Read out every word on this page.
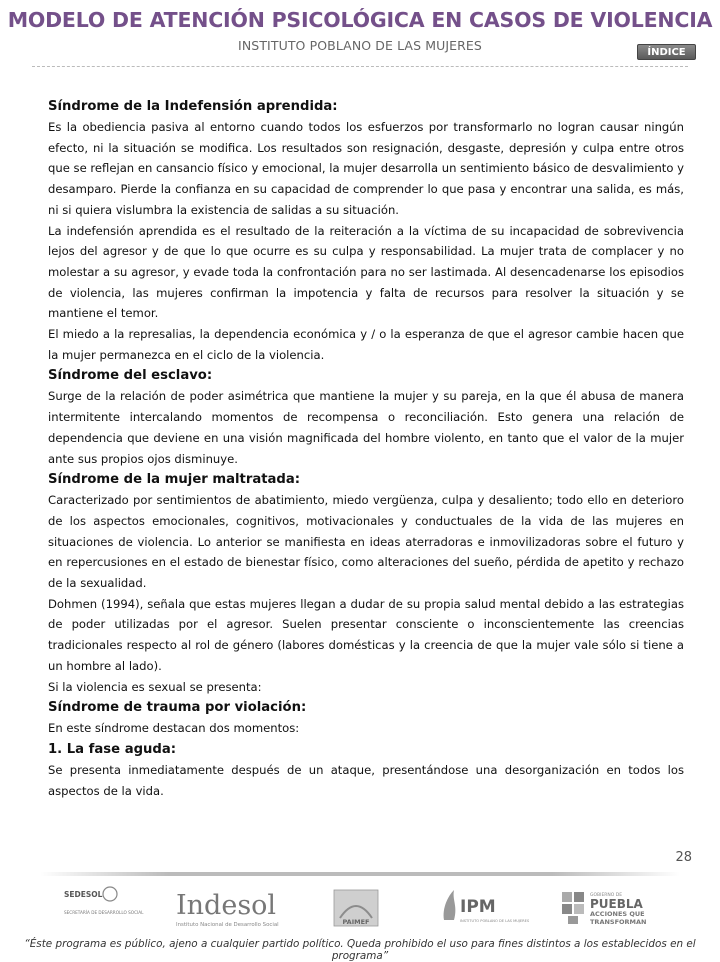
MODELO DE ATENCIÓN PSICOLÓGICA EN CASOS DE VIOLENCIA
INSTITUTO POBLANO DE LAS MUJERES	ÍNDICE
Síndrome de la Indefensión aprendida:

Es la obediencia pasiva al entorno cuando todos los esfuerzos por transformarlo no logran causar ningún efecto, ni la situación se modifica. Los resultados son resignación, desgaste, depresión y culpa entre otros que se reflejan en cansancio físico y emocional, la mujer desarrolla un sentimiento básico de desvalimiento y desamparo. Pierde la confianza en su capacidad de comprender lo que pasa y encontrar una salida, es más, ni si quiera vislumbra la existencia de salidas a su situación.

La indefensión aprendida es el resultado de la reiteración a la víctima de su incapacidad de sobrevivencia lejos del agresor y de que lo que ocurre es su culpa y responsabilidad. La mujer trata de complacer y no molestar a su agresor, y evade toda la confrontación para no ser lastimada. Al desencadenarse los episodios de violencia, las mujeres confirman la impotencia y falta de recursos para resolver la situación y se mantiene el temor.

El miedo a la represalias, la dependencia económica y / o la esperanza de que el agresor cambie hacen que la mujer permanezca en el ciclo de la violencia.

Síndrome del esclavo:

Surge de la relación de poder asimétrica que mantiene la mujer y su pareja, en la que él abusa de manera intermitente intercalando momentos de recompensa o reconciliación. Esto genera una relación de dependencia que deviene en una visión magnificada del hombre violento, en tanto que el valor de la mujer ante sus propios ojos disminuye.

Síndrome de la mujer maltratada:

Caracterizado por sentimientos de abatimiento, miedo vergüenza, culpa y desaliento; todo ello en deterioro de los aspectos emocionales, cognitivos, motivacionales y conductuales de la vida de las mujeres en situaciones de violencia. Lo anterior se manifiesta en ideas aterradoras e inmovilizadoras sobre el futuro y en repercusiones en el estado de bienestar físico, como alteraciones del sueño, pérdida de apetito y rechazo de la sexualidad.

Dohmen (1994), señala que estas mujeres llegan a dudar de su propia salud mental debido a las estrategias de poder utilizadas por el agresor. Suelen presentar consciente o inconscientemente las creencias tradicionales respecto al rol de género (labores domésticas y la creencia de que la mujer vale sólo si tiene a un hombre al lado).

Si la violencia es sexual se presenta:

Síndrome de trauma por violación:

En este síndrome destacan dos momentos:

1. La fase aguda:

Se presenta inmediatamente después de un ataque, presentándose una desorganización en todos los aspectos de la vida.

28
SEDESOL
SECRETARÍA DE DESARROLLO SOCIAL Indesol
Instituto Nacional de Desarrollo Social	PAIMEF
IPM
INSTITUTO POBLANO DE LAS MUJERES
GOBIERNO DE
PUEBLA
ACCIONES QUE
TRANSFORMAN
“Éste programa es público, ajeno a cualquier partido político. Queda prohibido el uso para fines distintos a los establecidos en el programa”
